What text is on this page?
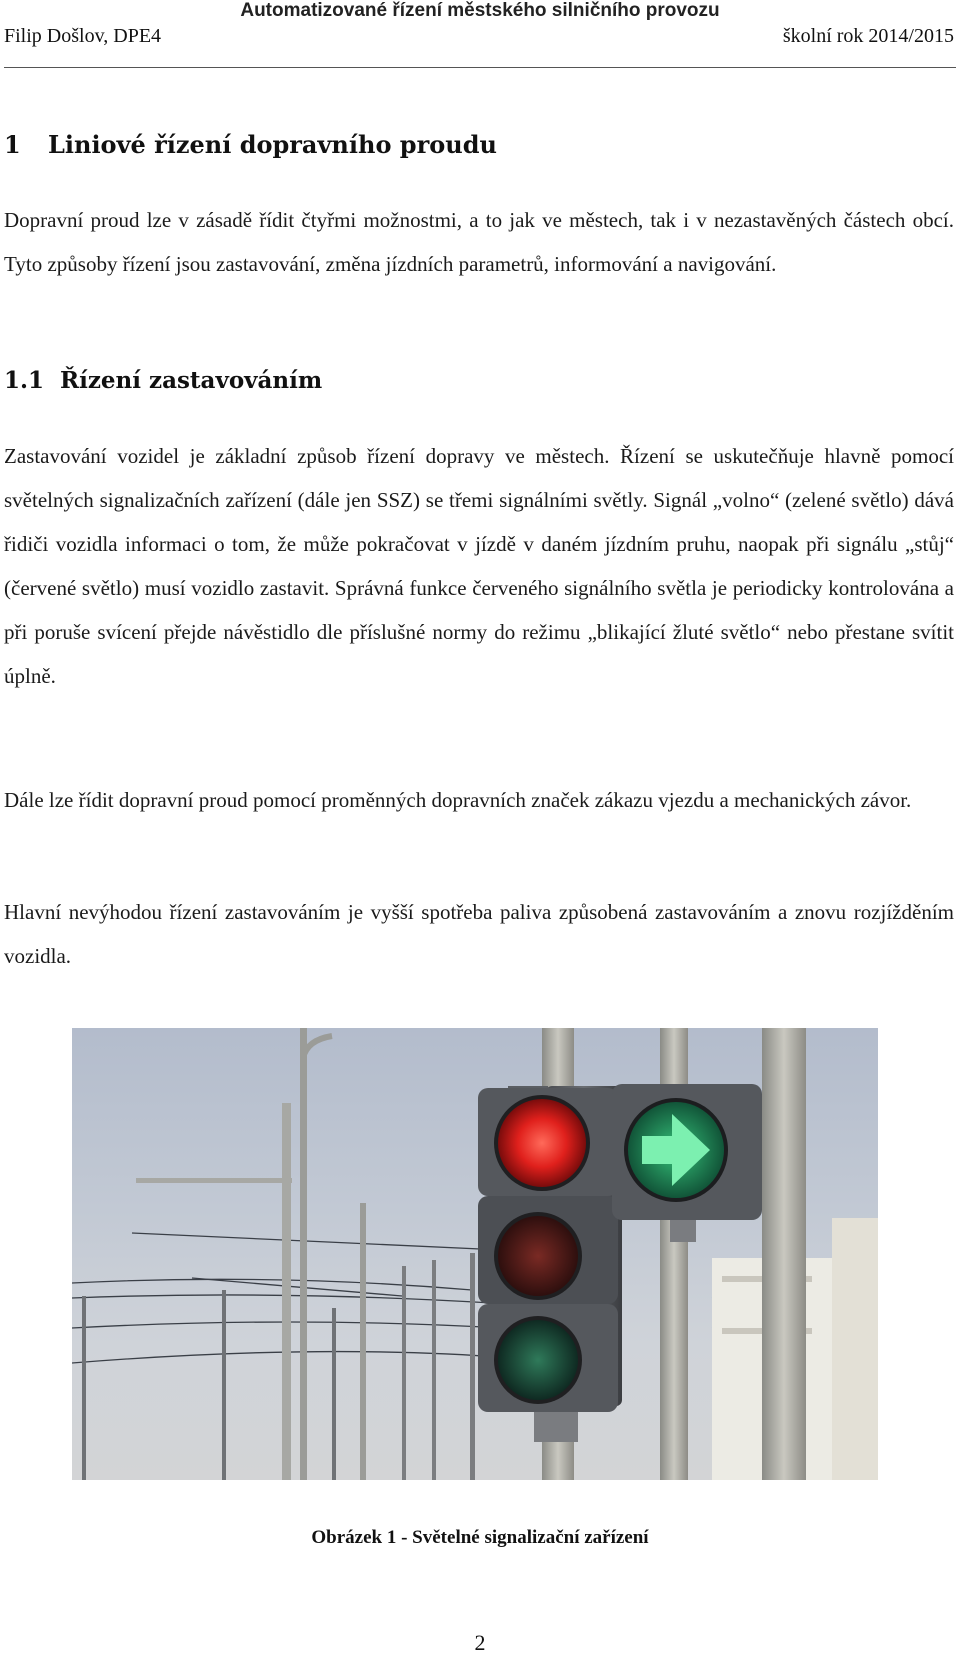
Automatizované řízení městského silničního provozu
Filip Došlov, DPE4	školní rok 2014/2015
1 Liniové řízení dopravního proudu

Dopravní proud lze v zásadě řídit čtyřmi možnostmi, a to jak ve městech, tak i v nezastavěných částech obcí. Tyto způsoby řízení jsou zastavování, změna jízdních parametrů, informování a navigování.

1.1 Řízení zastavováním

Zastavování vozidel je základní způsob řízení dopravy ve městech. Řízení se uskutečňuje hlavně pomocí světelných signalizačních zařízení (dále jen SSZ) se třemi signálními světly. Signál „volno“ (zelené světlo) dává řidiči vozidla informaci o tom, že může pokračovat v jízdě v daném jízdním pruhu, naopak při signálu „stůj“ (červené světlo) musí vozidlo zastavit. Správná funkce červeného signálního světla je periodicky kontrolována a při poruše svícení přejde návěstidlo dle příslušné normy do režimu „blikající žluté světlo“ nebo přestane svítit úplně.

Dále lze řídit dopravní proud pomocí proměnných dopravních značek zákazu vjezdu a mechanických závor.

Hlavní nevýhodou řízení zastavováním je vyšší spotřeba paliva způsobená zastavováním a znovu rozjížděním vozidla.

Obrázek 1 - Světelné signalizační zařízení
2
